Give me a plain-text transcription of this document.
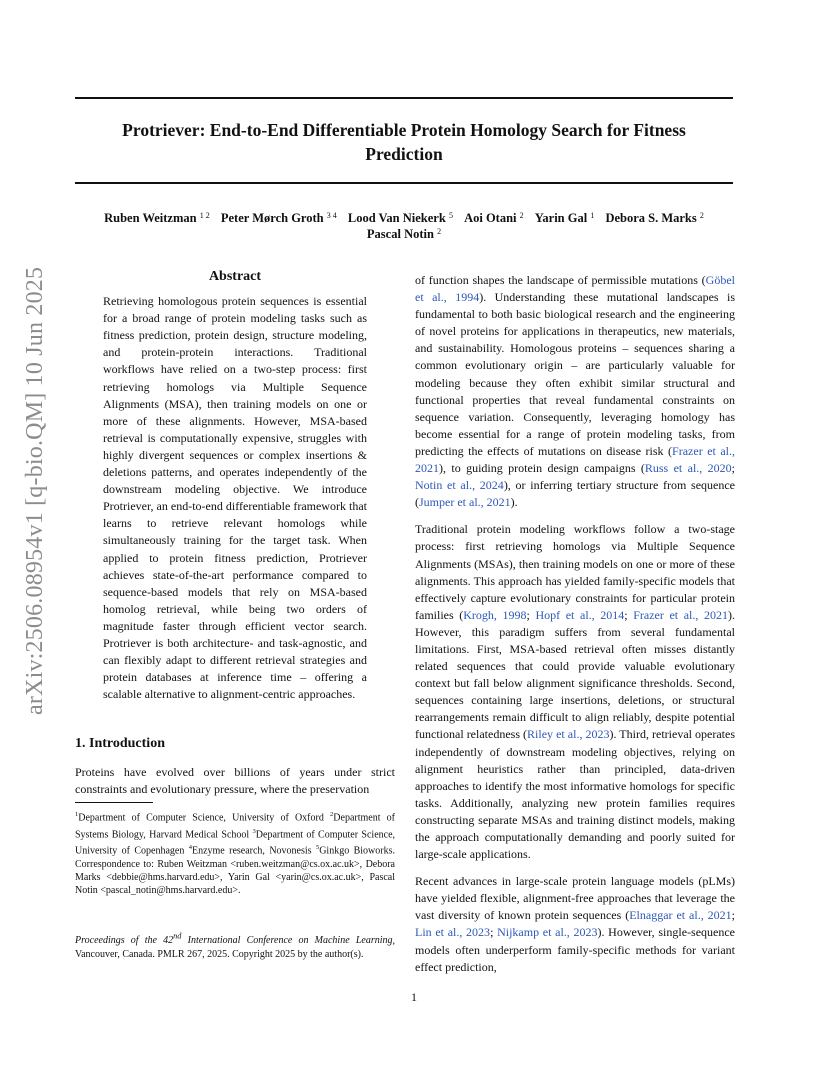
arXiv:2506.08954v1 [q-bio.QM] 10 Jun 2025
Protriever: End-to-End Differentiable Protein Homology Search for Fitness
Prediction
Ruben Weitzman $^{1 2}$ Peter Mørch Groth $^{3 4}$ Lood Van Niekerk $^5$ Aoi Otani $^2$ Yarin Gal $^1$ Debora S. Marks $^2$
Pascal Notin $^2$
Abstract

Retrieving homologous protein sequences is essential for a broad range of protein modeling tasks such as fitness prediction, protein design, structure modeling, and protein-protein interactions. Traditional workflows have relied on a two-step process: first retrieving homologs via Multiple Sequence Alignments (MSA), then training models on one or more of these alignments. However, MSA-based retrieval is computationally expensive, struggles with highly divergent sequences or complex insertions & deletions patterns, and operates independently of the downstream modeling objective. We introduce Protriever, an end-to-end differentiable framework that learns to retrieve relevant homologs while simultaneously training for the target task. When applied to protein fitness prediction, Protriever achieves state-of-the-art performance compared to sequence-based models that rely on MSA-based homolog retrieval, while being two orders of magnitude faster through efficient vector search. Protriever is both architecture- and task-agnostic, and can flexibly adapt to different retrieval strategies and protein databases at inference time – offering a scalable alternative to alignment-centric approaches.

1. Introduction

Proteins have evolved over billions of years under strict constraints and evolutionary pressure, where the preservation

$^1$Department of Computer Science, University of Oxford $^2$Department of Systems Biology, Harvard Medical School $^3$Department of Computer Science, University of Copenhagen $^4$Enzyme research, Novonesis $^5$Ginkgo Bioworks. Correspondence to: Ruben Weitzman <ruben.weitzman@cs.ox.ac.uk>, Debora Marks <debbie@hms.harvard.edu>, Yarin Gal <yarin@cs.ox.ac.uk>, Pascal Notin <pascal_notin@hms.harvard.edu>.

Proceedings of the 42nd International Conference on Machine Learning, Vancouver, Canada. PMLR 267, 2025. Copyright 2025 by the author(s).

of function shapes the landscape of permissible mutations (Göbel et al., 1994). Understanding these mutational landscapes is fundamental to both basic biological research and the engineering of novel proteins for applications in therapeutics, new materials, and sustainability. Homologous proteins – sequences sharing a common evolutionary origin – are particularly valuable for modeling because they often exhibit similar structural and functional properties that reveal fundamental constraints on sequence variation. Consequently, leveraging homology has become essential for a range of protein modeling tasks, from predicting the effects of mutations on disease risk (Frazer et al., 2021), to guiding protein design campaigns (Russ et al., 2020; Notin et al., 2024), or inferring tertiary structure from sequence (Jumper et al., 2021).

Traditional protein modeling workflows follow a two-stage process: first retrieving homologs via Multiple Sequence Alignments (MSAs), then training models on one or more of these alignments. This approach has yielded family-specific models that effectively capture evolutionary constraints for particular protein families (Krogh, 1998; Hopf et al., 2014; Frazer et al., 2021). However, this paradigm suffers from several fundamental limitations. First, MSA-based retrieval often misses distantly related sequences that could provide valuable evolutionary context but fall below alignment significance thresholds. Second, sequences containing large insertions, deletions, or structural rearrangements remain difficult to align reliably, despite potential functional relatedness (Riley et al., 2023). Third, retrieval operates independently of downstream modeling objectives, relying on alignment heuristics rather than principled, data-driven approaches to identify the most informative homologs for specific tasks. Additionally, analyzing new protein families requires constructing separate MSAs and training distinct models, making the approach computationally demanding and poorly suited for large-scale applications.

Recent advances in large-scale protein language models (pLMs) have yielded flexible, alignment-free approaches that leverage the vast diversity of known protein sequences (Elnaggar et al., 2021; Lin et al., 2023; Nijkamp et al., 2023). However, single-sequence models often underperform family-specific methods for variant effect prediction,

1
